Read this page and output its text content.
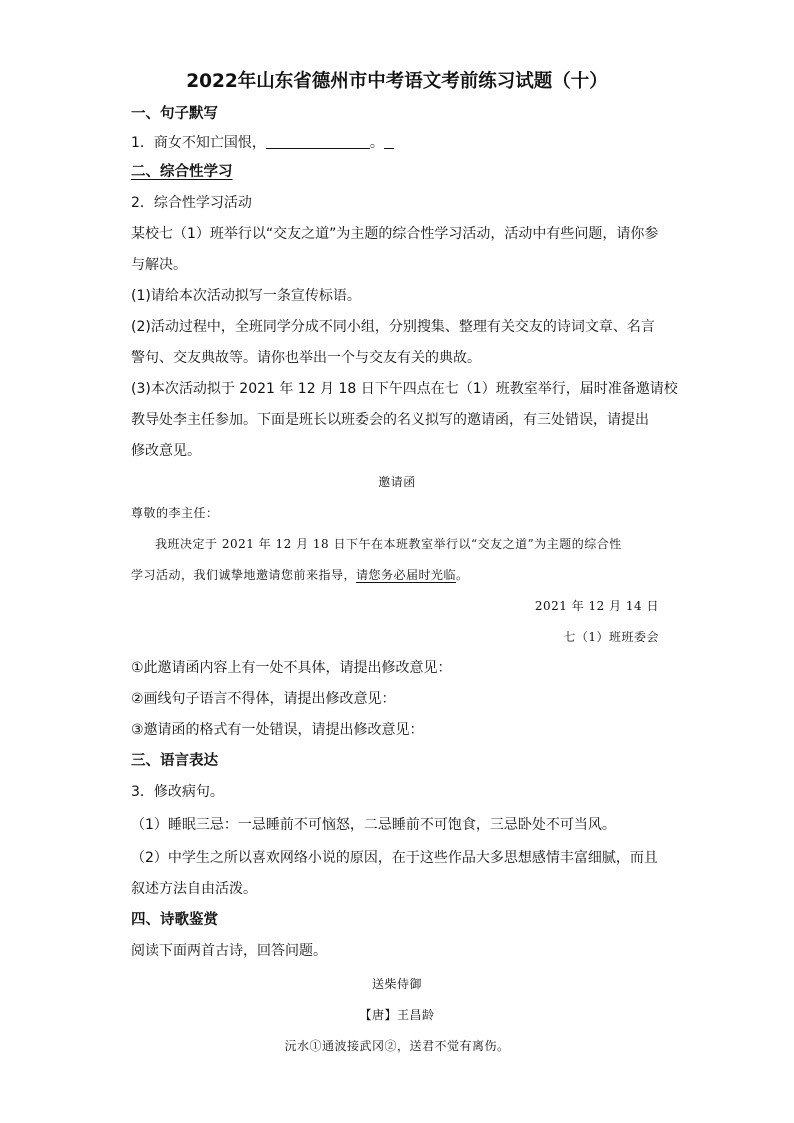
2022年山东省德州市中考语文考前练习试题（十）
一、句子默写
1．商女不知亡国恨，	。
二、综合性学习
2．综合性学习活动
某校七（1）班举行以“交友之道”为主题的综合性学习活动，活动中有些问题，请你参
与解决。
(1)请给本次活动拟写一条宣传标语。
(2)活动过程中，全班同学分成不同小组，分别搜集、整理有关交友的诗词文章、名言
警句、交友典故等。请你也举出一个与交友有关的典故。
(3)本次活动拟于 2021 年 12 月 18 日下午四点在七（1）班教室举行，届时准备邀请校
教导处李主任参加。下面是班长以班委会的名义拟写的邀请函，有三处错误，请提出
修改意见。
邀请函
尊敬的李主任：
我班决定于 2021 年 12 月 18 日下午在本班教室举行以“交友之道”为主题的综合性
学习活动，我们诚挚地邀请您前来指导，请您务必届时光临。
2021 年 12 月 14 日
七（1）班班委会
①此邀请函内容上有一处不具体，请提出修改意见：
②画线句子语言不得体，请提出修改意见：
③邀请函的格式有一处错误，请提出修改意见：
三、语言表达
3．修改病句。
（1）睡眠三忌：一忌睡前不可恼怒，二忌睡前不可饱食，三忌卧处不可当风。
（2）中学生之所以喜欢网络小说的原因，在于这些作品大多思想感情丰富细腻，而且
叙述方法自由活泼。
四、诗歌鉴赏
阅读下面两首古诗，回答问题。
送柴侍御
【唐】王昌龄
沅水①通波接武冈②，送君不觉有离伤。
